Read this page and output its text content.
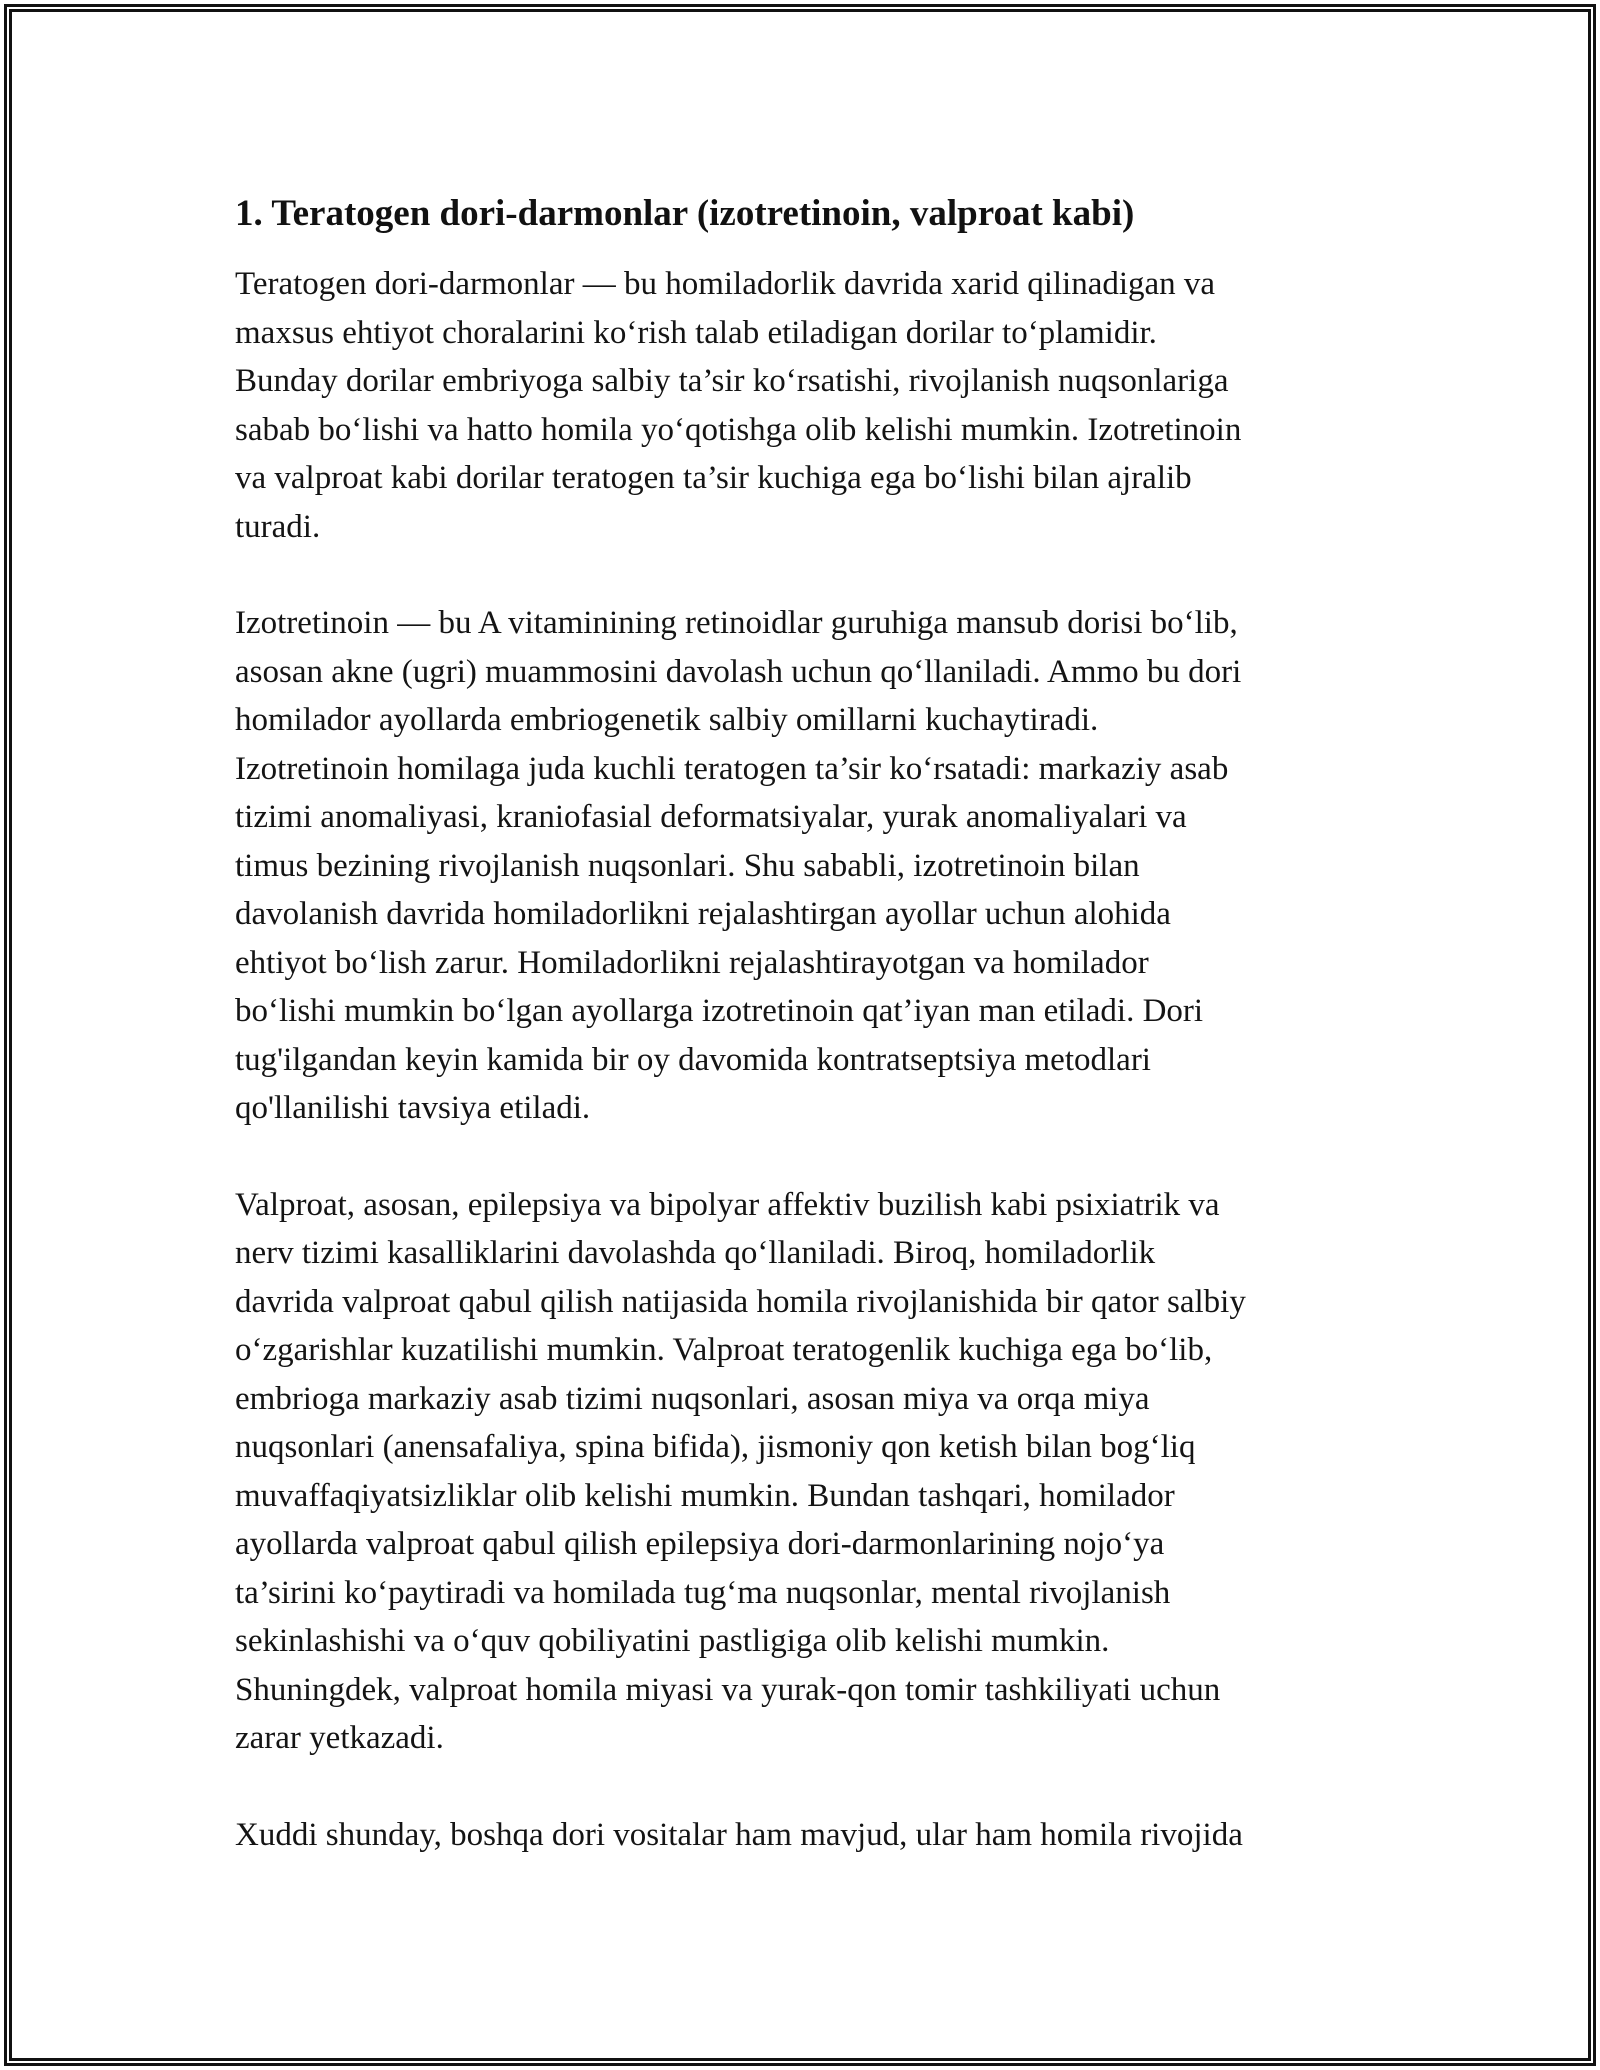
1. Teratogen dori-darmonlar (izotretinoin, valproat kabi)

Teratogen dori-darmonlar — bu homiladorlik davrida xarid qilinadigan va
maxsus ehtiyot choralarini ko‘rish talab etiladigan dorilar to‘plamidir.
Bunday dorilar embriyoga salbiy ta’sir ko‘rsatishi, rivojlanish nuqsonlariga
sabab bo‘lishi va hatto homila yo‘qotishga olib kelishi mumkin. Izotretinoin
va valproat kabi dorilar teratogen ta’sir kuchiga ega bo‘lishi bilan ajralib
turadi.

Izotretinoin — bu A vitaminining retinoidlar guruhiga mansub dorisi bo‘lib,
asosan akne (ugri) muammosini davolash uchun qo‘llaniladi. Ammo bu dori
homilador ayollarda embriogenetik salbiy omillarni kuchaytiradi.
Izotretinoin homilaga juda kuchli teratogen ta’sir ko‘rsatadi: markaziy asab
tizimi anomaliyasi, kraniofasial deformatsiyalar, yurak anomaliyalari va
timus bezining rivojlanish nuqsonlari. Shu sababli, izotretinoin bilan
davolanish davrida homiladorlikni rejalashtirgan ayollar uchun alohida
ehtiyot bo‘lish zarur. Homiladorlikni rejalashtirayotgan va homilador
bo‘lishi mumkin bo‘lgan ayollarga izotretinoin qat’iyan man etiladi. Dori
tug'ilgandan keyin kamida bir oy davomida kontratseptsiya metodlari
qo'llanilishi tavsiya etiladi.

Valproat, asosan, epilepsiya va bipolyar affektiv buzilish kabi psixiatrik va
nerv tizimi kasalliklarini davolashda qo‘llaniladi. Biroq, homiladorlik
davrida valproat qabul qilish natijasida homila rivojlanishida bir qator salbiy
o‘zgarishlar kuzatilishi mumkin. Valproat teratogenlik kuchiga ega bo‘lib,
embrioga markaziy asab tizimi nuqsonlari, asosan miya va orqa miya
nuqsonlari (anensafaliya, spina bifida), jismoniy qon ketish bilan bog‘liq
muvaffaqiyatsizliklar olib kelishi mumkin. Bundan tashqari, homilador
ayollarda valproat qabul qilish epilepsiya dori-darmonlarining nojo‘ya
ta’sirini ko‘paytiradi va homilada tug‘ma nuqsonlar, mental rivojlanish
sekinlashishi va o‘quv qobiliyatini pastligiga olib kelishi mumkin.
Shuningdek, valproat homila miyasi va yurak-qon tomir tashkiliyati uchun
zarar yetkazadi.

Xuddi shunday, boshqa dori vositalar ham mavjud, ular ham homila rivojida
